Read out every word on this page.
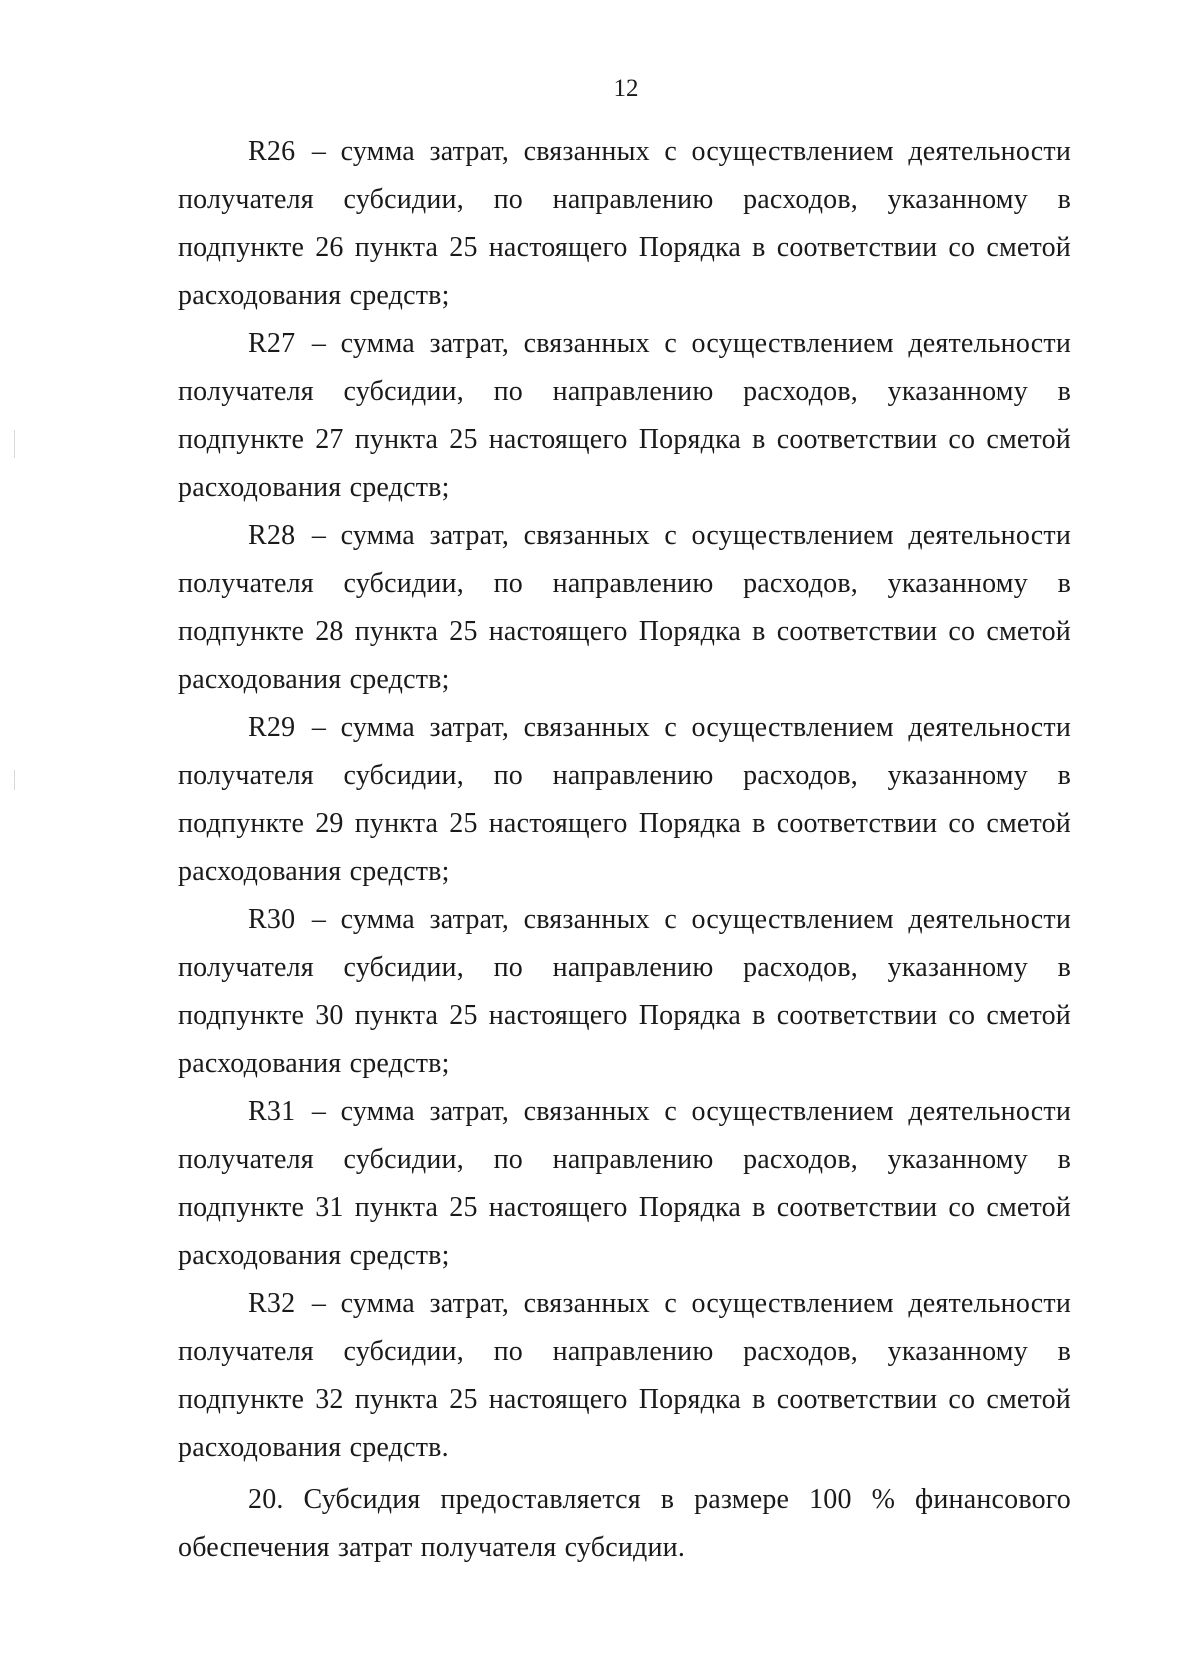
12

R26 – сумма затрат, связанных с осуществлением деятельности получателя субсидии, по направлению расходов, указанному в подпункте 26 пункта 25 настоящего Порядка в соответствии со сметой расходования средств;

R27 – сумма затрат, связанных с осуществлением деятельности получателя субсидии, по направлению расходов, указанному в подпункте 27 пункта 25 настоящего Порядка в соответствии со сметой расходования средств;

R28 – сумма затрат, связанных с осуществлением деятельности получателя субсидии, по направлению расходов, указанному в подпункте 28 пункта 25 настоящего Порядка в соответствии со сметой расходования средств;

R29 – сумма затрат, связанных с осуществлением деятельности получателя субсидии, по направлению расходов, указанному в подпункте 29 пункта 25 настоящего Порядка в соответствии со сметой расходования средств;

R30 – сумма затрат, связанных с осуществлением деятельности получателя субсидии, по направлению расходов, указанному в подпункте 30 пункта 25 настоящего Порядка в соответствии со сметой расходования средств;

R31 – сумма затрат, связанных с осуществлением деятельности получателя субсидии, по направлению расходов, указанному в подпункте 31 пункта 25 настоящего Порядка в соответствии со сметой расходования средств;

R32 – сумма затрат, связанных с осуществлением деятельности получателя субсидии, по направлению расходов, указанному в подпункте 32 пункта 25 настоящего Порядка в соответствии со сметой расходования средств.

20. Субсидия предоставляется в размере 100 % финансового обеспечения затрат получателя субсидии.
